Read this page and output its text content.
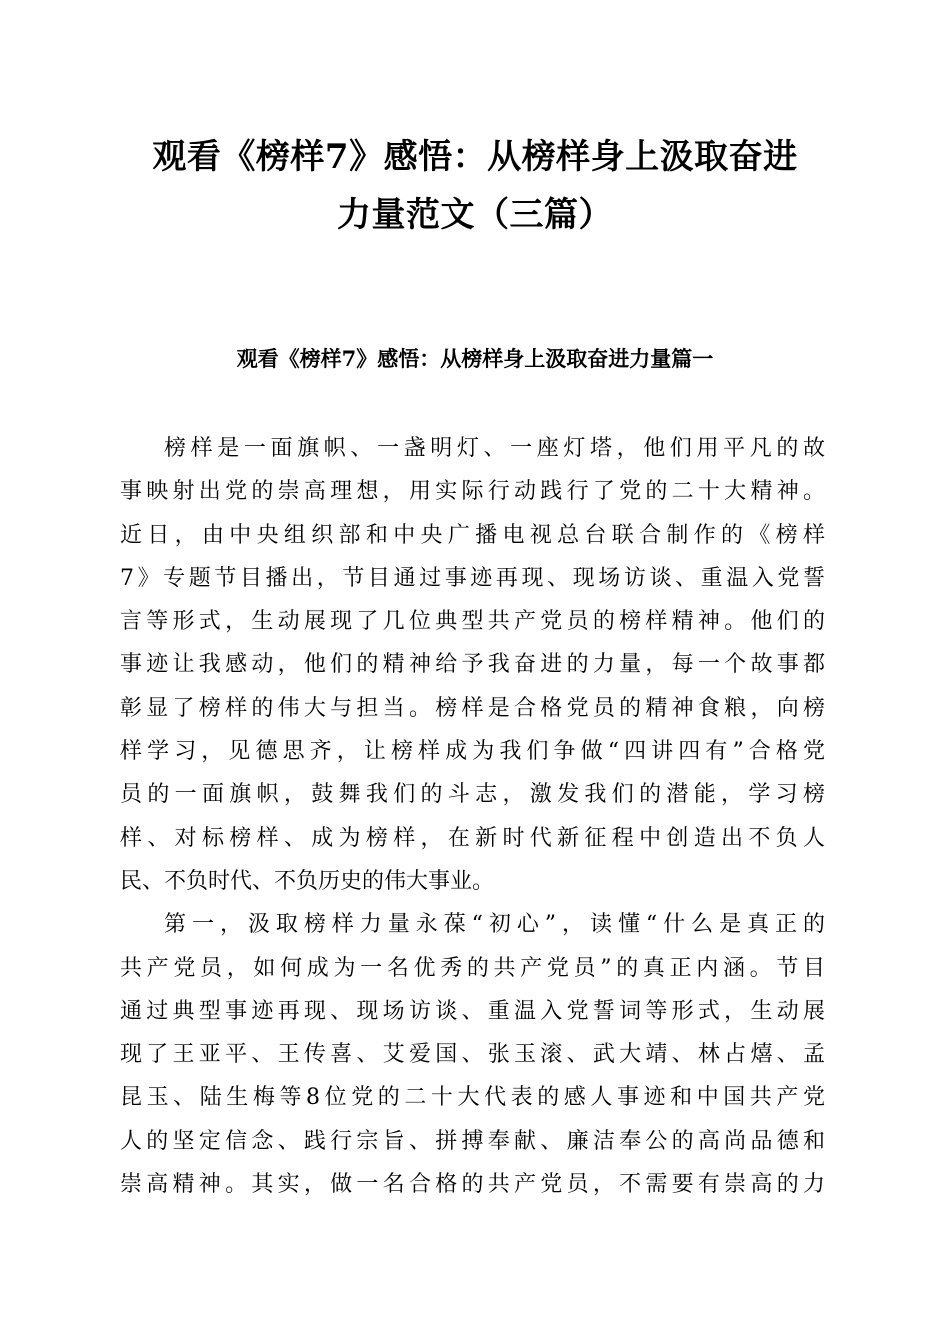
观看《榜样7》感悟：从榜样身上汲取奋进
力量范文（三篇）
观看《榜样7》感悟：从榜样身上汲取奋进力量篇一

榜样是一面旗帜、一盏明灯、一座灯塔，他们用平凡的故
事映射出党的崇高理想，用实际行动践行了党的二十大精神。
近日，由中央组织部和中央广播电视总台联合制作的《榜样
7》专题节目播出，节目通过事迹再现、现场访谈、重温入党誓
言等形式，生动展现了几位典型共产党员的榜样精神。他们的
事迹让我感动，他们的精神给予我奋进的力量，每一个故事都
彰显了榜样的伟大与担当。榜样是合格党员的精神食粮，向榜
样学习，见德思齐，让榜样成为我们争做“四讲四有”合格党
员的一面旗帜，鼓舞我们的斗志，激发我们的潜能，学习榜
样、对标榜样、成为榜样，在新时代新征程中创造出不负人
民、不负时代、不负历史的伟大事业。

第一，汲取榜样力量永葆“初心”，读懂“什么是真正的
共产党员，如何成为一名优秀的共产党员”的真正内涵。节目
通过典型事迹再现、现场访谈、重温入党誓词等形式，生动展
现了王亚平、王传喜、艾爱国、张玉滚、武大靖、林占熺、孟
昆玉、陆生梅等8位党的二十大代表的感人事迹和中国共产党
人的坚定信念、践行宗旨、拼搏奉献、廉洁奉公的高尚品德和
崇高精神。其实，做一名合格的共产党员，不需要有崇高的力
